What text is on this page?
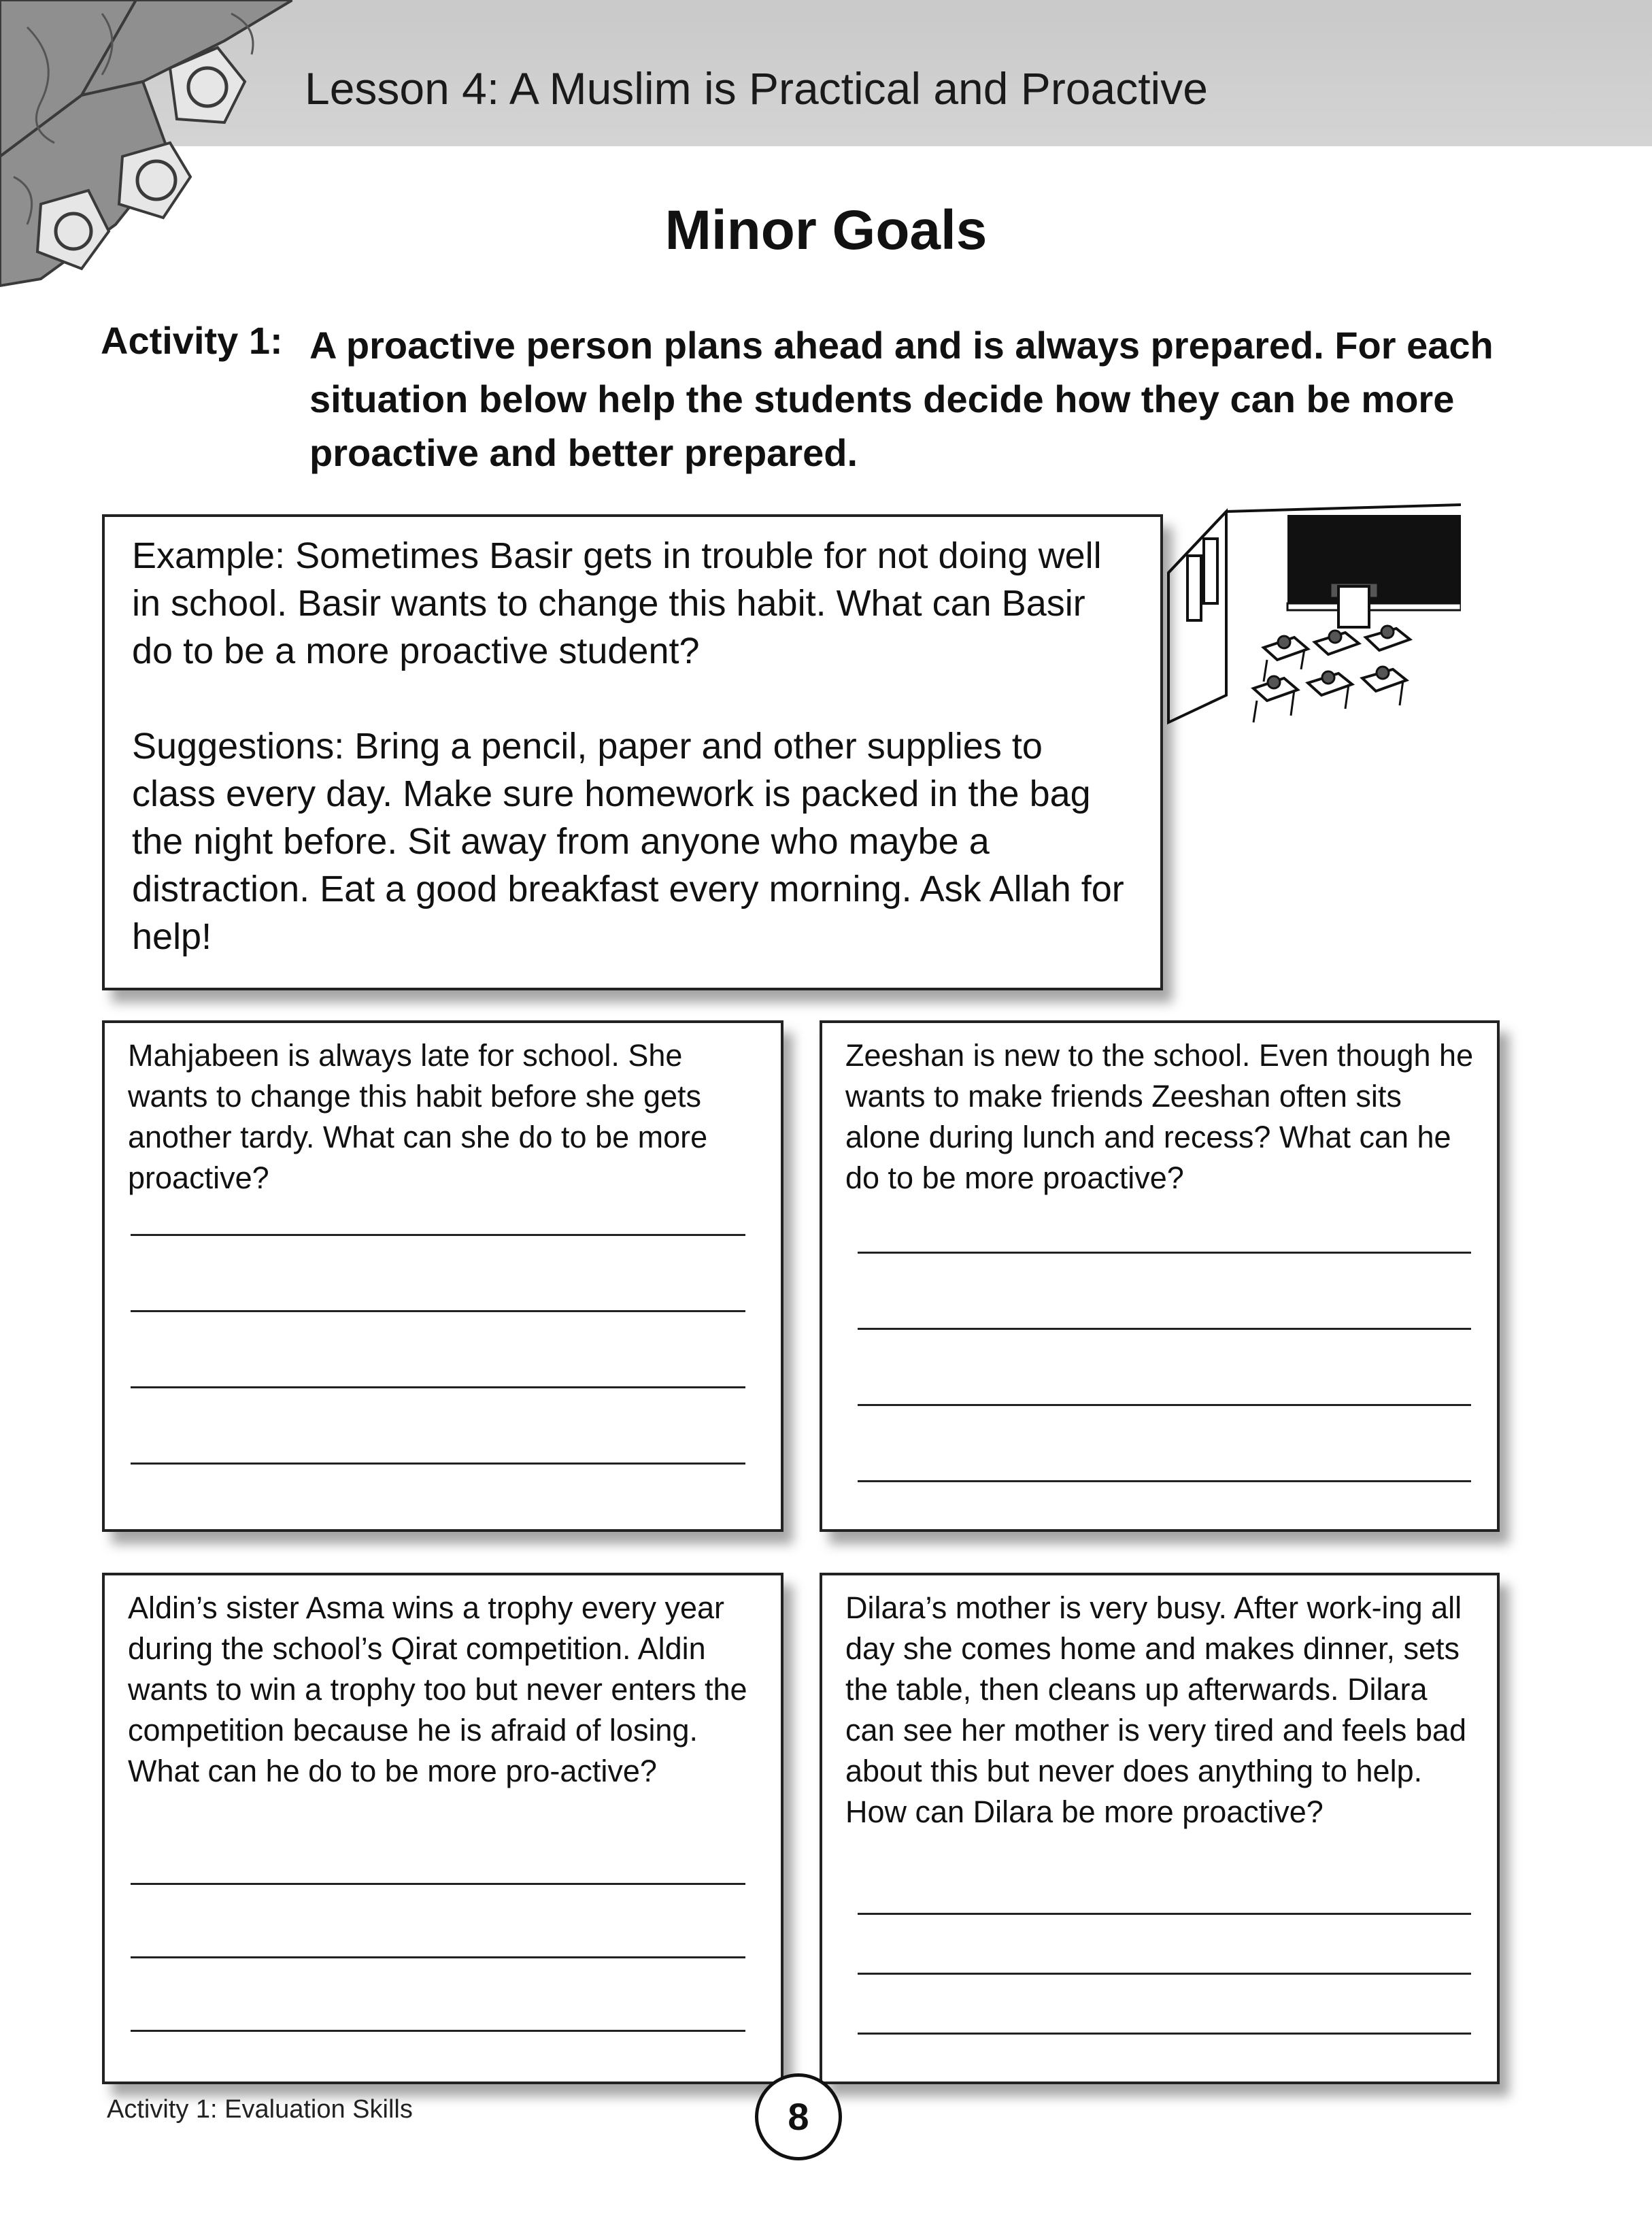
Lesson 4: A Muslim is Practical and Proactive
Minor Goals
Activity 1: A proactive person plans ahead and is always prepared. For each situation below help the students decide how they can be more proactive and better prepared.

Example: Sometimes Basir gets in trouble for not doing well in school. Basir wants to change this habit. What can Basir do to be a more proactive student?

Suggestions: Bring a pencil, paper and other supplies to class every day. Make sure homework is packed in the bag the night before. Sit away from anyone who maybe a distraction. Eat a good breakfast every morning. Ask Allah for help!

Mahjabeen is always late for school. She wants to change this habit before she gets another tardy. What can she do to be more proactive?

Zeeshan is new to the school. Even though he wants to make friends Zeeshan often sits alone during lunch and recess? What can he do to be more proactive?

Aldin’s sister Asma wins a trophy every year during the school’s Qirat competition. Aldin wants to win a trophy too but never enters the competition because he is afraid of losing. What can he do to be more pro-active?

Dilara’s mother is very busy. After work-ing all day she comes home and makes dinner, sets the table, then cleans up afterwards. Dilara can see her mother is very tired and feels bad about this but never does anything to help. How can Dilara be more proactive?

Activity 1: Evaluation Skills	8
